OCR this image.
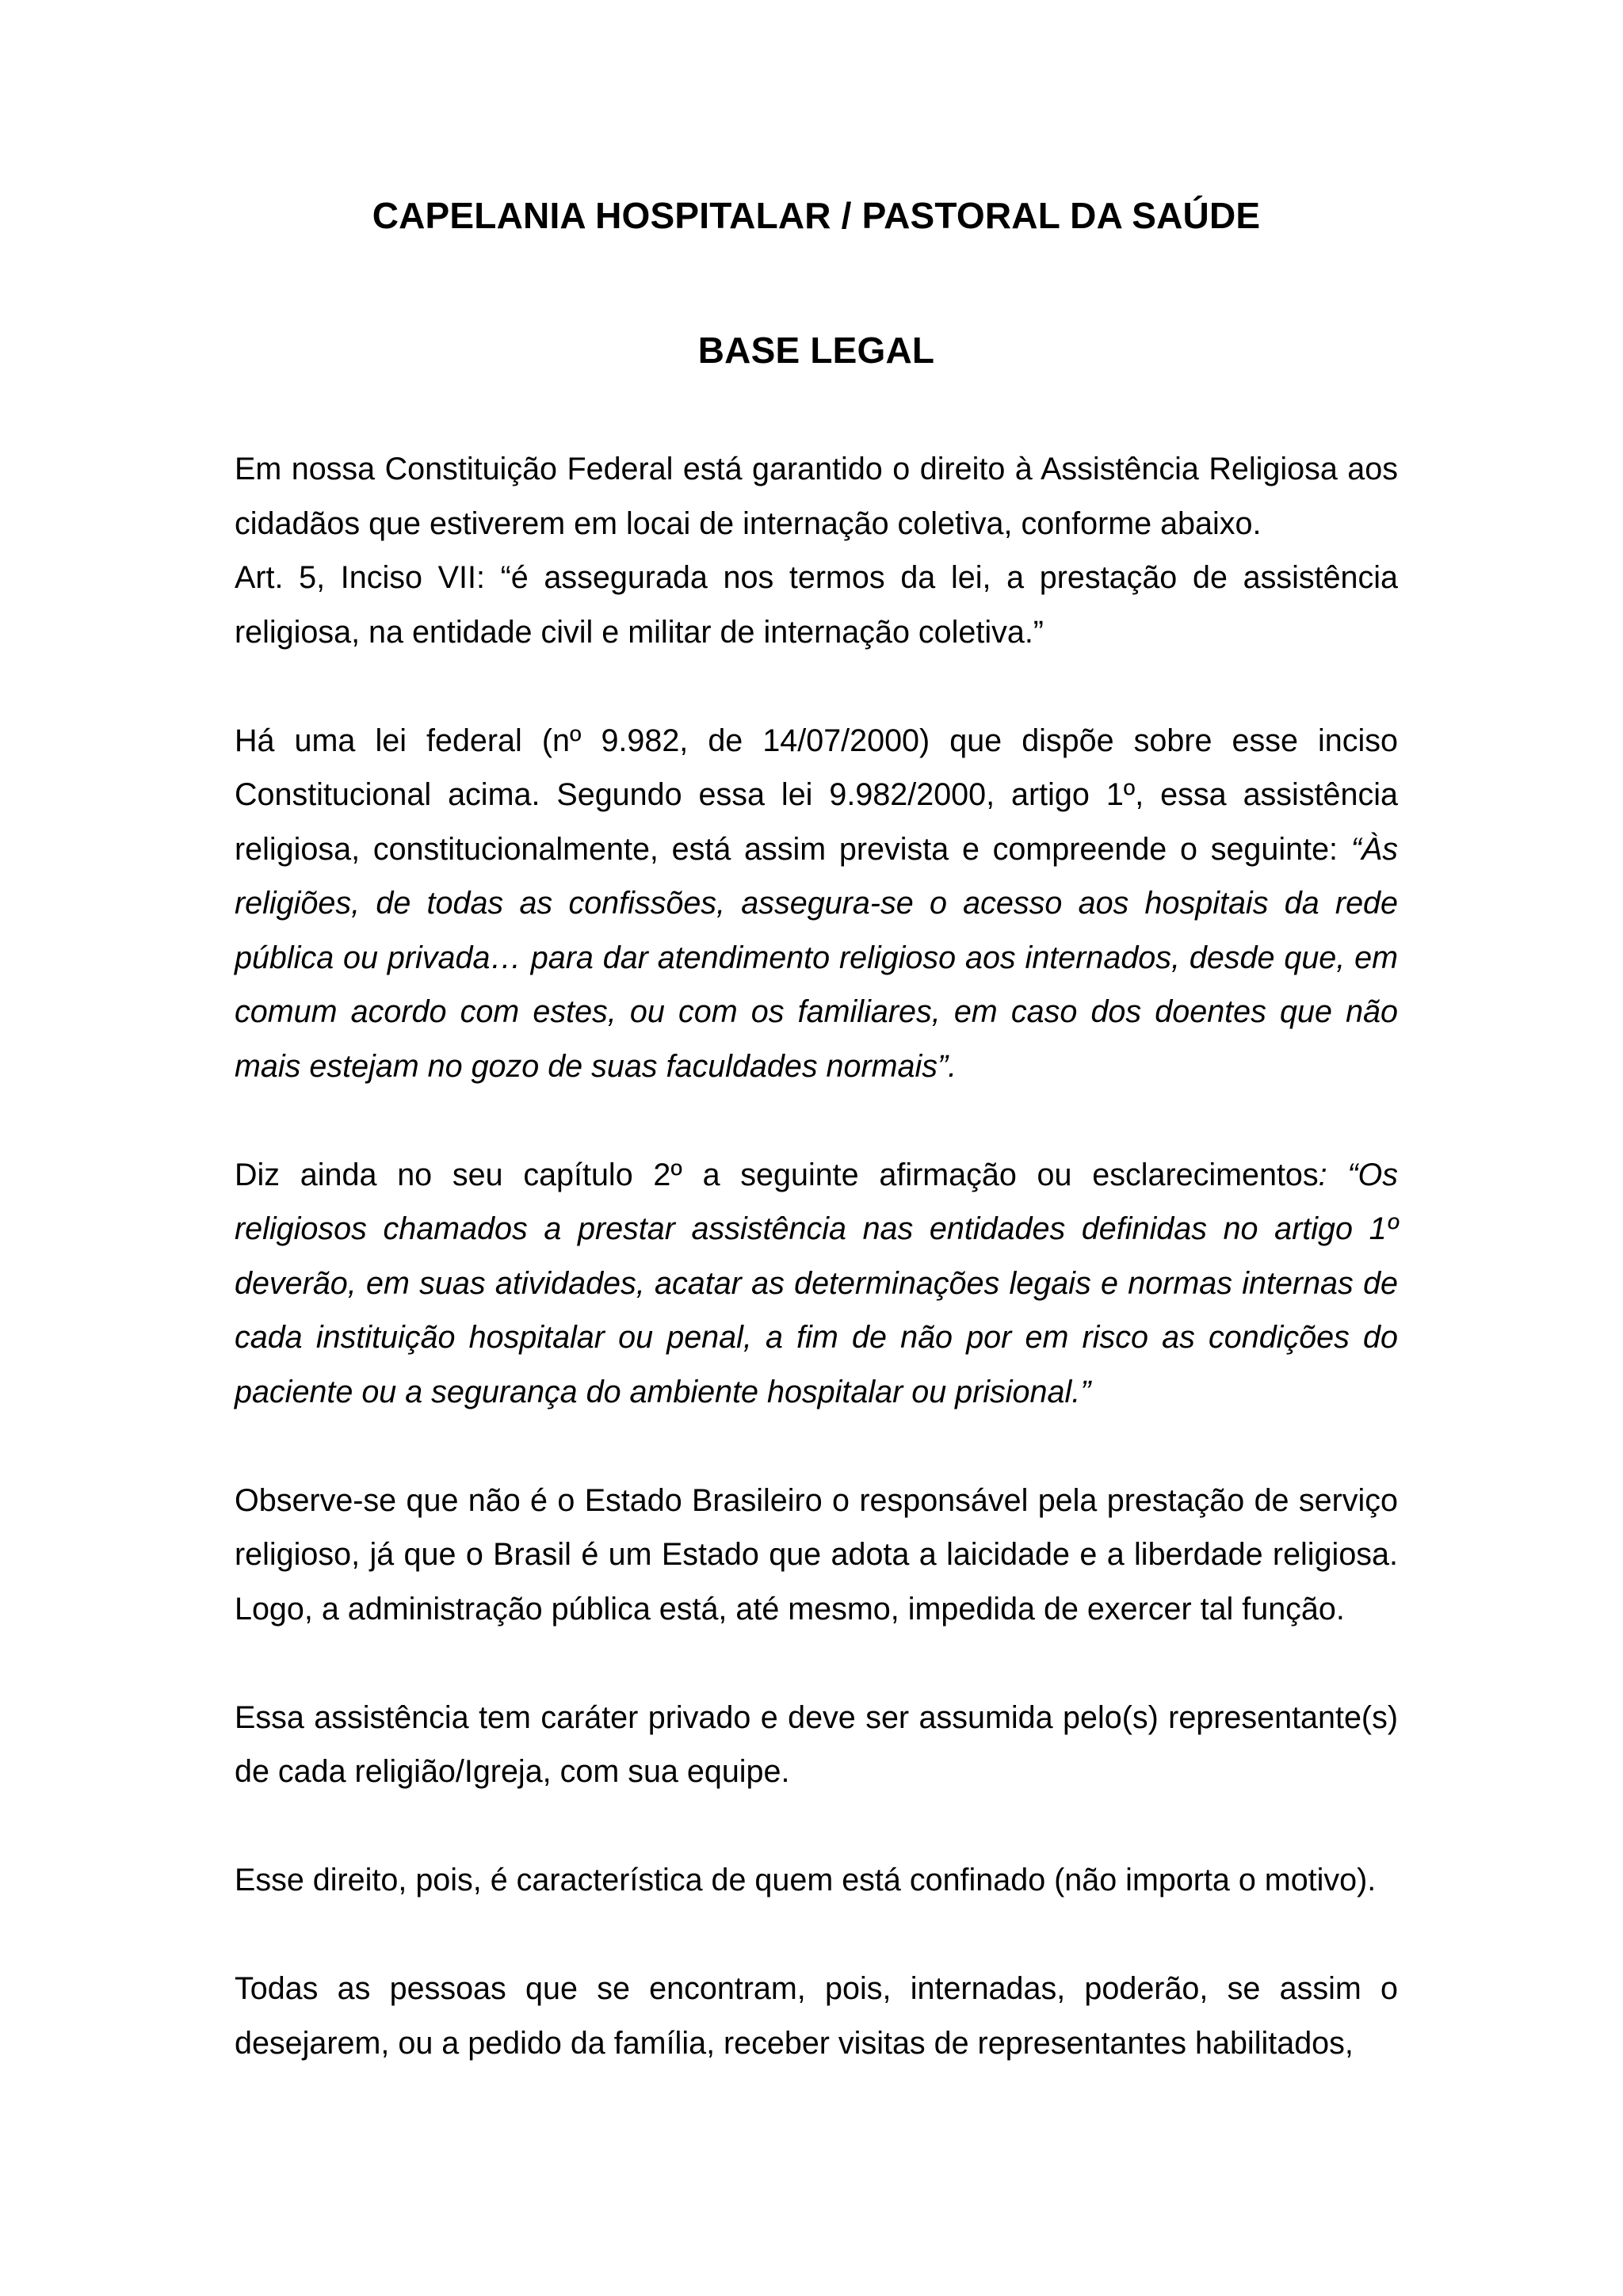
CAPELANIA HOSPITALAR / PASTORAL DA SAÚDE
BASE LEGAL

Em nossa Constituição Federal está garantido o direito à Assistência Religiosa aos cidadãos que estiverem em locai de internação coletiva, conforme abaixo.

Art. 5, Inciso VII: “é assegurada nos termos da lei, a prestação de assistência religiosa, na entidade civil e militar de internação coletiva.”

Há uma lei federal (nº 9.982, de 14/07/2000) que dispõe sobre esse inciso Constitucional acima. Segundo essa lei 9.982/2000, artigo 1º, essa assistência religiosa, constitucionalmente, está assim prevista e compreende o seguinte: “Às religiões, de todas as confissões, assegura-se o acesso aos hospitais da rede pública ou privada… para dar atendimento religioso aos internados, desde que, em comum acordo com estes, ou com os familiares, em caso dos doentes que não mais estejam no gozo de suas faculdades normais”.

Diz ainda no seu capítulo 2º a seguinte afirmação ou esclarecimentos: “Os religiosos chamados a prestar assistência nas entidades definidas no artigo 1º deverão, em suas atividades, acatar as determinações legais e normas internas de cada instituição hospitalar ou penal, a fim de não por em risco as condições do paciente ou a segurança do ambiente hospitalar ou prisional.”

Observe-se que não é o Estado Brasileiro o responsável pela prestação de serviço religioso, já que o Brasil é um Estado que adota a laicidade e a liberdade religiosa. Logo, a administração pública está, até mesmo, impedida de exercer tal função.

Essa assistência tem caráter privado e deve ser assumida pelo(s) representante(s) de cada religião/Igreja, com sua equipe.

Esse direito, pois, é característica de quem está confinado (não importa o motivo).

Todas as pessoas que se encontram, pois, internadas, poderão, se assim o desejarem, ou a pedido da família, receber visitas de representantes habilitados,
